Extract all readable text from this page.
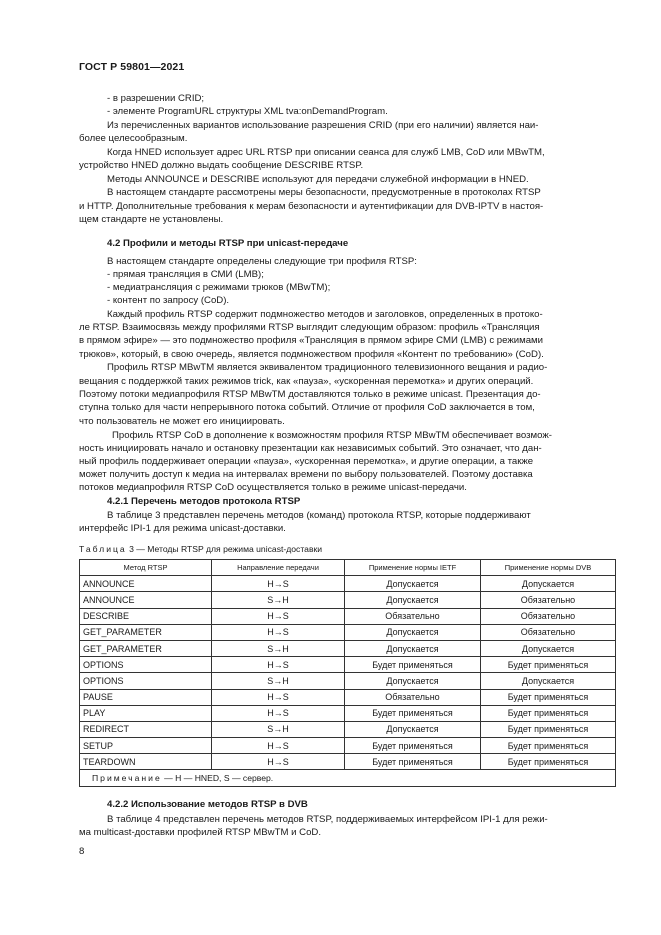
ГОСТ Р 59801—2021
- в разрешении CRID;
- элементе ProgramURL структуры XML tva:onDemandProgram.
Из перечисленных вариантов использование разрешения CRID (при его наличии) является наи-
более целесообразным.
Когда HNED использует адрес URL RTSP при описании сеанса для служб LMB, CoD или MBwTM,
устройство HNED должно выдать сообщение DESCRIBE RTSP.
Методы ANNOUNCE и DESCRIBE используют для передачи служебной информации в HNED.
В настоящем стандарте рассмотрены меры безопасности, предусмотренные в протоколах RTSP
и HTTP. Дополнительные требования к мерам безопасности и аутентификации для DVB-IPTV в настоя-
щем стандарте не установлены.
4.2 Профили и методы RTSP при unicast-передаче
В настоящем стандарте определены следующие три профиля RTSP:
- прямая трансляция в СМИ (LMB);
- медиатрансляция с режимами трюков (MBwTM);
- контент по запросу (CoD).
Каждый профиль RTSP содержит подмножество методов и заголовков, определенных в протоко-
ле RTSP. Взаимосвязь между профилями RTSP выглядит следующим образом: профиль «Трансляция
в прямом эфире» — это подмножество профиля «Трансляция в прямом эфире СМИ (LMB) с режимами
трюков», который, в свою очередь, является подмножеством профиля «Контент по требованию» (CoD).
Профиль RTSP MBwTM является эквивалентом традиционного телевизионного вещания и радио-
вещания с поддержкой таких режимов trick, как «пауза», «ускоренная перемотка» и других операций.
Поэтому потоки медиапрофиля RTSP MBwTM доставляются только в режиме unicast. Презентация до-
ступна только для части непрерывного потока событий. Отличие от профиля CoD заключается в том,
что пользователь не может его инициировать.
Профиль RTSP CoD в дополнение к возможностям профиля RTSP MBwTM обеспечивает возмож-
ность инициировать начало и остановку презентации как независимых событий. Это означает, что дан-
ный профиль поддерживает операции «пауза», «ускоренная перемотка», и другие операции, а также
может получить доступ к медиа на интервалах времени по выбору пользователей. Поэтому доставка
потоков медиапрофиля RTSP CoD осуществляется только в режиме unicast-передачи.
4.2.1 Перечень методов протокола RTSP
В таблице 3 представлен перечень методов (команд) протокола RTSP, которые поддерживают
интерфейс IPI-1 для режима unicast-доставки.
Таблица 3 — Методы RTSP для режима unicast-доставки
Метод RTSP	Направление передачи	Применение нормы IETF	Применение нормы DVB
ANNOUNCE	H→S	Допускается	Допускается
ANNOUNCE	S→H	Допускается	Обязательно
DESCRIBE	H→S	Обязательно	Обязательно
GET_PARAMETER	H→S	Допускается	Обязательно
GET_PARAMETER	S→H	Допускается	Допускается
OPTIONS	H→S	Будет применяться	Будет применяться
OPTIONS	S→H	Допускается	Допускается
PAUSE	H→S	Обязательно	Будет применяться
PLAY	H→S	Будет применяться	Будет применяться
REDIRECT	S→H	Допускается	Будет применяться
SETUP	H→S	Будет применяться	Будет применяться
TEARDOWN	H→S	Будет применяться	Будет применяться
Примечание — H — HNED, S — сервер.			
4.2.2 Использование методов RTSP в DVB
В таблице 4 представлен перечень методов RTSP, поддерживаемых интерфейсом IPI-1 для режи-
ма multicast-доставки профилей RTSP MBwTM и CoD.
8
